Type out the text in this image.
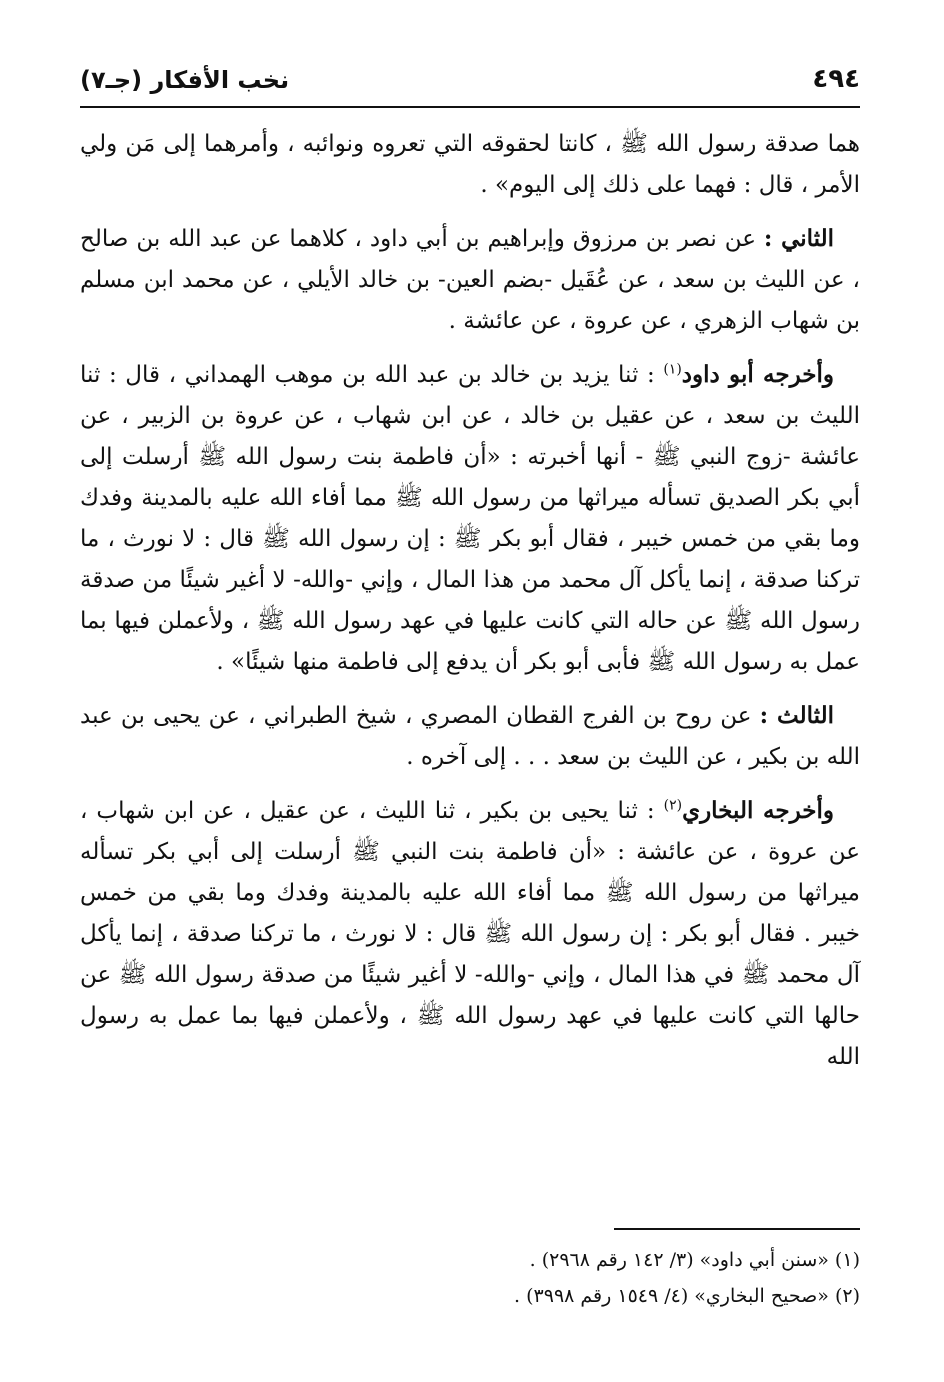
٤٩٤
نخب الأفكار (جـ٧)

هما صدقة رسول الله ﷺ ، كانتا لحقوقه التي تعروه ونوائبه ، وأمرهما إلى مَن ولي الأمر ، قال : فهما على ذلك إلى اليوم» .

الثاني : عن نصر بن مرزوق وإبراهيم بن أبي داود ، كلاهما عن عبد الله بن صالح ، عن الليث بن سعد ، عن عُقَيل -بضم العين- بن خالد الأيلي ، عن محمد ابن مسلم بن شهاب الزهري ، عن عروة ، عن عائشة .

وأخرجه أبو داود$^{(١)}$ : ثنا يزيد بن خالد بن عبد الله بن موهب الهمداني ، قال : ثنا الليث بن سعد ، عن عقيل بن خالد ، عن ابن شهاب ، عن عروة بن الزبير ، عن عائشة -زوج النبي ﷺ - أنها أخبرته : «أن فاطمة بنت رسول الله ﷺ أرسلت إلى أبي بكر الصديق تسأله ميراثها من رسول الله ﷺ مما أفاء الله عليه بالمدينة وفدك وما بقي من خمس خيبر ، فقال أبو بكر ﷺ : إن رسول الله ﷺ قال : لا نورث ، ما تركنا صدقة ، إنما يأكل آل محمد من هذا المال ، وإني -والله- لا أغير شيئًا من صدقة رسول الله ﷺ عن حاله التي كانت عليها في عهد رسول الله ﷺ ، ولأعملن فيها بما عمل به رسول الله ﷺ فأبى أبو بكر أن يدفع إلى فاطمة منها شيئًا» .

الثالث : عن روح بن الفرج القطان المصري ، شيخ الطبراني ، عن يحيى بن عبد الله بن بكير ، عن الليث بن سعد . . . إلى آخره .

وأخرجه البخاري$^{(٢)}$ : ثنا يحيى بن بكير ، ثنا الليث ، عن عقيل ، عن ابن شهاب ، عن عروة ، عن عائشة : «أن فاطمة بنت النبي ﷺ أرسلت إلى أبي بكر تسأله ميراثها من رسول الله ﷺ مما أفاء الله عليه بالمدينة وفدك وما بقي من خمس خيبر . فقال أبو بكر : إن رسول الله ﷺ قال : لا نورث ، ما تركنا صدقة ، إنما يأكل آل محمد ﷺ في هذا المال ، وإني -والله- لا أغير شيئًا من صدقة رسول الله ﷺ عن حالها التي كانت عليها في عهد رسول الله ﷺ ، ولأعملن فيها بما عمل به رسول الله

(١) «سنن أبي داود» (٣/ ١٤٢ رقم ٢٩٦٨) .

(٢) «صحيح البخاري» (٤/ ١٥٤٩ رقم ٣٩٩٨) .
